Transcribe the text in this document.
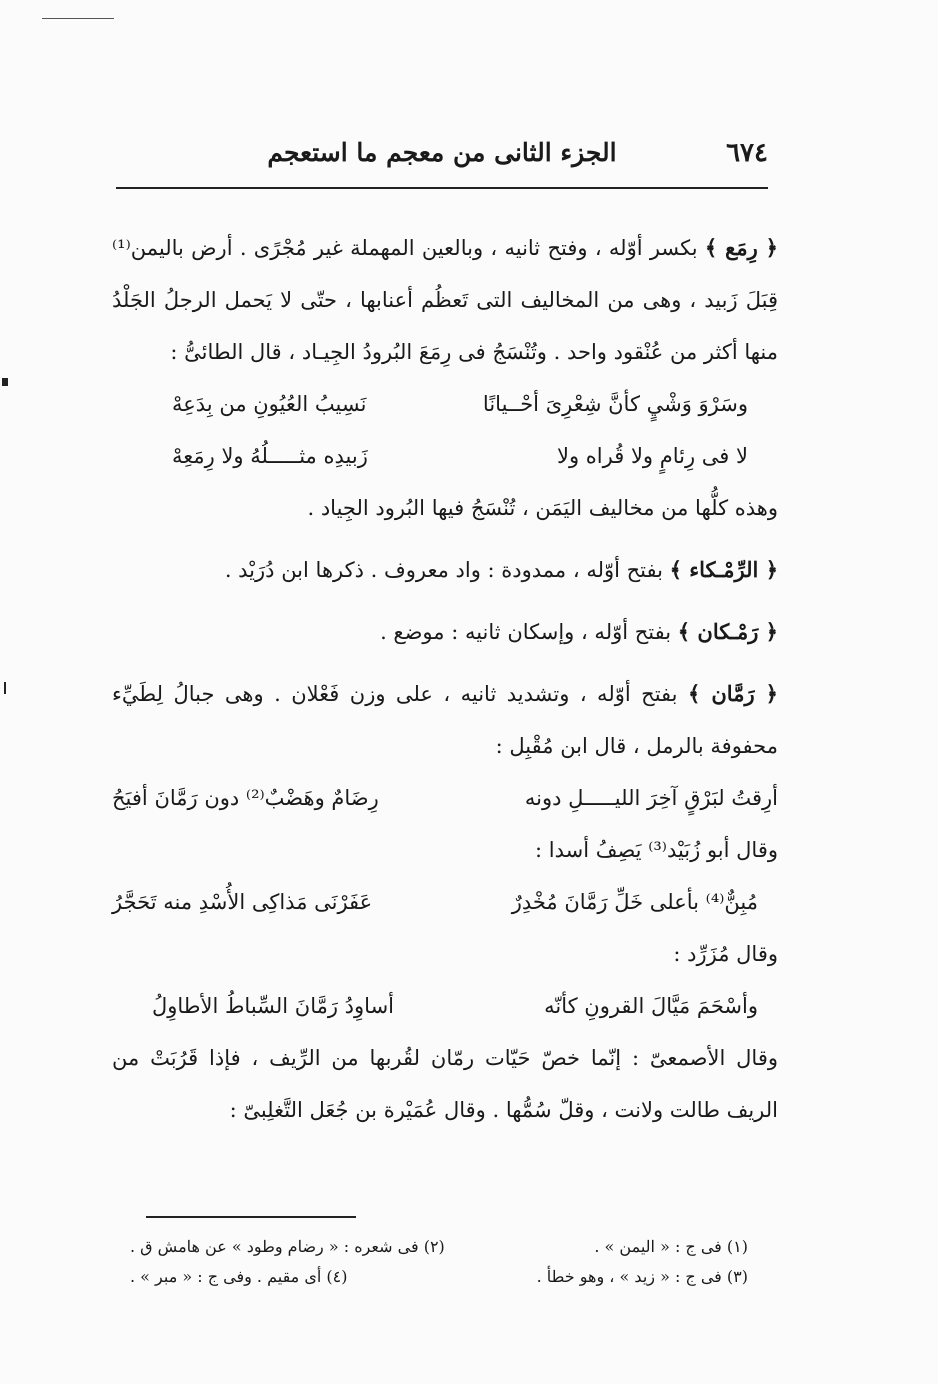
٦٧٤
الجزء الثانى من معجم ما استعجم

﴿ رِمَع ﴾ بكسر أوّله ، وفتح ثانيه ، وبالعين المهملة غير مُجْرًى . أرض باليمن⁽¹⁾ قِبَلَ زَبيد ، وهى من المخاليف التى تَعظُم أعنابها ، حتّى لا يَحمل الرجلُ الجَلْدُ منها أكثر من عُنْقود واحد . وتُنْسَجُ فى رِمَعَ البُرودُ الجِيـاد ، قال الطائىُّ :

وسَرْوَ وَشْيٍ كأنَّ شِعْرِىَ أحْــيانًا
نَسِيبُ العُيُونِ من بِدَعِهْ
لا فى رِئامٍ ولا قُراه ولا
زَبيدِه مثـــــلُهُ ولا رِمَعِهْ

وهذه كلُّها من مخاليف اليَمَن ، تُنْسَجُ فيها البُرود الجِياد .

﴿ الرِّمْـكاء ﴾ بفتح أوّله ، ممدودة : واد معروف . ذكرها ابن دُرَيْد .

﴿ رَمْـكان ﴾ بفتح أوّله ، وإسكان ثانيه : موضع .

﴿ رَمَّان ﴾ بفتح أوّله ، وتشديد ثانيه ، على وزن فَعْلان . وهى جبالُ لِطَيِّء محفوفة بالرمل ، قال ابن مُقْبِل :

أرِقتُ لبَرْقٍ آخِرَ الليـــــلِ دونه
رِضَامٌ وهَضْبٌ⁽²⁾ دون رَمَّانَ أفيَحُ

وقال أبو زُبَيْد⁽³⁾ يَصِفُ أسدا :

مُبِنٌّ⁽⁴⁾ بأعلى خَلِّ رَمَّانَ مُخْدِرٌ
عَفَرْنَى مَذاكِى الأُسْدِ منه تَحَجَّرُ

وقال مُزَرِّد :

وأسْحَمَ مَيَّالَ القرونِ كأنّه
أساوِدُ رَمَّانَ السِّباطُ الأطاوِلُ

وقال الأصمعىّ : إنّما خصّ حَيّات رمّان لقُربها من الرِّيف ، فإذا قَرُبَتْ من الريف طالت ولانت ، وقلّ سُمُّها . وقال عُمَيْرة بن جُعَل التَّغلِبىّ :

(١) فى ج : « اليمن » .
(٢) فى شعره : « رضام وطود » عن هامش ق .
(٣) فى ج : « زيد » ، وهو خطأ .
(٤) أى مقيم . وفى ج : « مبر » .
